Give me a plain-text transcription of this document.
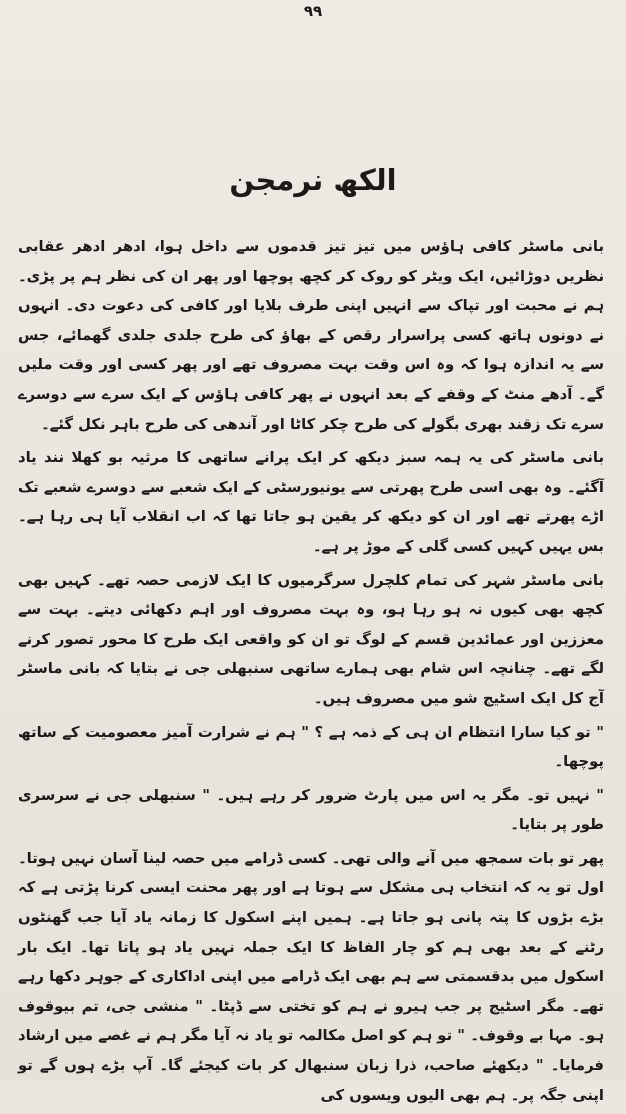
۹۹
الکھ نرمجن

بانی ماسٹر کافی ہاؤس میں تیز تیز قدموں سے داخل ہوا، ادھر ادھر عقابی نظریں دوڑائیں، ایک ویٹر کو روک کر کچھ پوچھا اور پھر ان کی نظر ہم پر پڑی۔ ہم نے محبت اور تپاک سے انہیں اپنی طرف بلایا اور کافی کی دعوت دی۔ انہوں نے دونوں ہاتھ کسی پراسرار رقص کے بھاؤ کی طرح جلدی جلدی گھمائے، جس سے یہ اندازہ ہوا کہ وہ اس وقت بہت مصروف تھے اور پھر کسی اور وقت ملیں گے۔ آدھے منٹ کے وقفے کے بعد انہوں نے پھر کافی ہاؤس کے ایک سرے سے دوسرے سرے تک زقند بھری بگولے کی طرح چکر کاٹا اور آندھی کی طرح باہر نکل گئے۔

بانی ماسٹر کی یہ ہمہ سبز دیکھ کر ایک پرانے ساتھی کا مرثیہ بو کھلا نند یاد آگئے۔ وہ بھی اسی طرح پھرتی سے یونیورسٹی کے ایک شعبے سے دوسرے شعبے تک اڑے پھرتے تھے اور ان کو دیکھ کر یقین ہو جاتا تھا کہ اب انقلاب آیا ہی رہا ہے۔ بس یہیں کہیں کسی گلی کے موڑ پر ہے۔

بانی ماسٹر شہر کی تمام کلچرل سرگرمیوں کا ایک لازمی حصہ تھے۔ کہیں بھی کچھ بھی کیوں نہ ہو رہا ہو، وہ بہت مصروف اور اہم دکھائی دیتے۔ بہت سے معززین اور عمائدین قسم کے لوگ تو ان کو واقعی ایک طرح کا محور تصور کرنے لگے تھے۔ چنانچہ اس شام بھی ہمارے ساتھی سنبھلی جی نے بتایا کہ بانی ماسٹر آج کل ایک اسٹیج شو میں مصروف ہیں۔

" تو کیا سارا انتظام ان ہی کے ذمہ ہے ؟ " ہم نے شرارت آمیز معصومیت کے ساتھ پوچھا۔

" نہیں تو۔ مگر یہ اس میں پارٹ ضرور کر رہے ہیں۔ " سنبھلی جی نے سرسری طور پر بتایا۔

پھر تو بات سمجھ میں آنے والی تھی۔ کسی ڈرامے میں حصہ لینا آسان نہیں ہوتا۔ اول تو یہ کہ انتخاب ہی مشکل سے ہوتا ہے اور پھر محنت ایسی کرنا پڑتی ہے کہ بڑے بڑوں کا پتہ پانی ہو جاتا ہے۔ ہمیں اپنے اسکول کا زمانہ یاد آیا جب گھنٹوں رٹنے کے بعد بھی ہم کو چار الفاظ کا ایک جملہ نہیں یاد ہو پاتا تھا۔ ایک بار اسکول میں بدقسمتی سے ہم بھی ایک ڈرامے میں اپنی اداکاری کے جوہر دکھا رہے تھے۔ مگر اسٹیج پر جب ہیرو نے ہم کو تختی سے ڈپٹا۔ " منشی جی، تم بیوقوف ہو۔ مہا بے وقوف۔ " تو ہم کو اصل مکالمہ تو یاد نہ آیا مگر ہم نے غصے میں ارشاد فرمایا۔ " دیکھئے صاحب، ذرا زبان سنبھال کر بات کیجئے گا۔ آپ بڑے ہوں گے تو اپنی جگہ پر۔ ہم بھی الیوں ویسوں کی
